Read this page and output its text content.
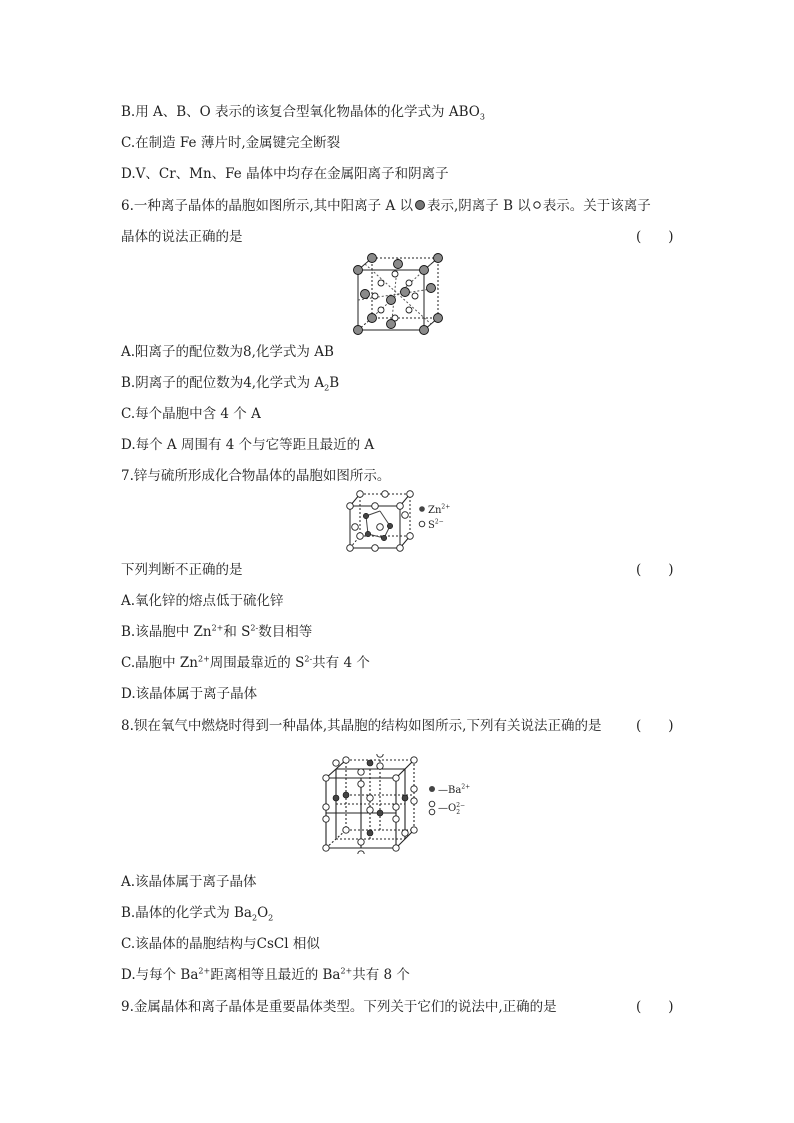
B.用 A、B、O 表示的该复合型氧化物晶体的化学式为 $ABO_3$
C.在制造 Fe 薄片时,金属键完全断裂
D.V、Cr、Mn、Fe 晶体中均存在金属阳离子和阴离子
6.一种离子晶体的晶胞如图所示,其中阳离子 A 以 表示,阴离子 B 以 表示。关于该离子
晶体的说法正确的是	(　　)
A.阳离子的配位数为8,化学式为 AB
B.阴离子的配位数为4,化学式为 $A_2B$
C.每个晶胞中含 4 个 A
D.每个 A 周围有 4 个与它等距且最近的 A
7.锌与硫所形成化合物晶体的晶胞如图所示。
$Zn^{2+}$
$S^{2-}$
下列判断不正确的是	(　　)
A.氧化锌的熔点低于硫化锌
B.该晶胞中 $Zn^{2+}$和 $S^{2-}$数目相等
C.晶胞中 $Zn^{2+}$周围最靠近的 $S^{2-}$共有 4 个
D.该晶体属于离子晶体
8.钡在氧气中燃烧时得到一种晶体,其晶胞的结构如图所示,下列有关说法正确的是	(　　)
$—Ba^{2+}$
—O 2−
2
A.该晶体属于离子晶体
B.晶体的化学式为 $Ba_2O_2$
C.该晶体的晶胞结构与CsCl 相似
D.与每个 $Ba^{2+}$距离相等且最近的 $Ba^{2+}$共有 8 个
9.金属晶体和离子晶体是重要晶体类型。下列关于它们的说法中,正确的是	(　　)
